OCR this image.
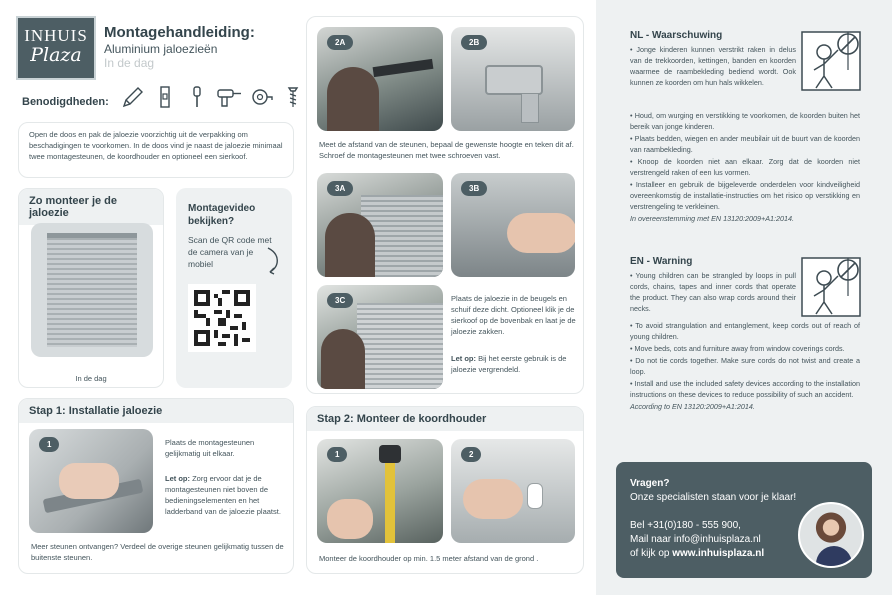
INHUIS
Plaza
Montagehandleiding:
Aluminium jaloezieën
In de dag
Benodigdheden:
Open de doos en pak de jaloezie voorzichtig uit de verpakking om beschadigingen te voorkomen. In de doos vind je naast de jaloezie minimaal twee montagesteunen, de koordhouder en optioneel een sierkoof.
Zo monteer je de jaloezie
In de dag
Montagevideo bekijken?
Scan de QR code met de camera van je mobiel
Stap 1: Installatie jaloezie
1	Plaats de montagesteunen gelijkmatig uit elkaar.
Let op: Zorg ervoor dat je de montagesteunen niet boven de bedieningselementen en het ladderband van de jaloezie plaatst.
Meer steunen ontvangen? Verdeel de overige steunen gelijkmatig tussen de buitenste steunen.
2A	2B
Meet de afstand van de steunen, bepaal de gewenste hoogte en teken dit af. Schroef de montagesteunen met twee schroeven vast.
3A	3B
3C	Plaats de jaloezie in de beugels en schuif deze dicht. Optioneel klik je de sierkoof op de bovenbak en laat je de jaloezie zakken.
Let op: Bij het eerste gebruik is de jaloezie vergrendeld.
Stap 2: Monteer de koordhouder
1	2
Monteer de koordhouder op min. 1.5 meter afstand van de grond .
NL - Waarschuwing
• Jonge kinderen kunnen verstrikt raken in delus van de trekkoorden, kettingen, banden en koorden waarmee de raambekleding bediend wordt. Ook kunnen ze koorden om hun hals wikkelen.
• Houd, om wurging en verstikking te voorkomen, de koorden buiten het bereik van jonge kinderen.
• Plaats bedden, wiegen en ander meubilair uit de buurt van de koorden van raambekleding.
• Knoop de koorden niet aan elkaar. Zorg dat de koorden niet verstrengeld raken of een lus vormen.
• Installeer en gebruik de bijgeleverde onderdelen voor kindveiligheid overeenkomstig de installatie-instructies om het risico op verstikking en verstrengeling te verkleinen.
In overeenstemming met EN 13120:2009+A1:2014.
EN - Warning
• Young children can be strangled by loops in pull cords, chains, tapes and inner cords that operate the product. They can also wrap cords around their necks.
• To avoid strangulation and entanglement, keep cords out of reach of young children.
• Move beds, cots and furniture away from window coverings cords.
• Do not tie cords together. Make sure cords do not twist and create a loop.
• Install and use the included safety devices according to the installation instructions on these devices to reduce possibility of such an accident.
According to EN 13120:2009+A1:2014.
Vragen?
Onze specialisten staan voor je klaar!
Bel +31(0)180 - 555 900,
Mail naar info@inhuisplaza.nl
of kijk op www.inhuisplaza.nl
